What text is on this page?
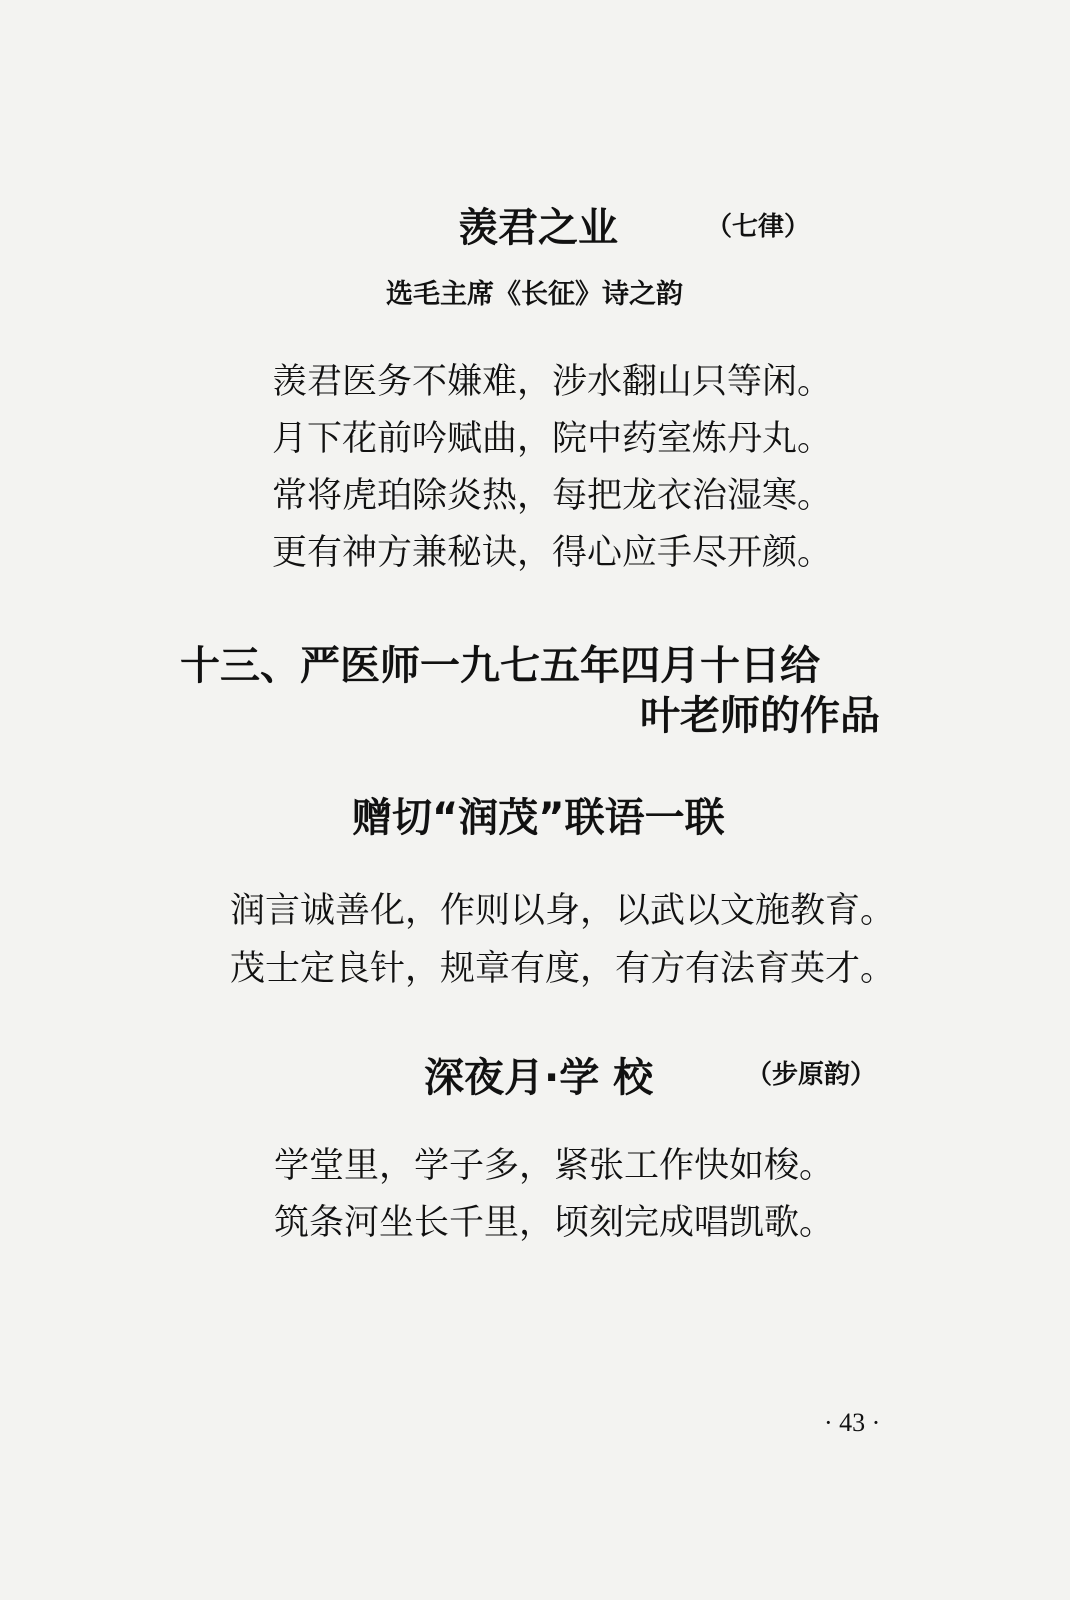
羡君之业	（七律）
选毛主席《长征》诗之韵
羡君医务不嫌难，涉水翻山只等闲。
月下花前吟赋曲，院中药室炼丹丸。
常将虎珀除炎热，每把龙衣治湿寒。
更有神方兼秘诀，得心应手尽开颜。
十三、严医师一九七五年四月十日给
叶老师的作品
赠切“润茂”联语一联
润言诚善化，作则以身，以武以文施教育。
茂士定良针，规章有度，有方有法育英才。
深夜月·学 校	（步原韵）
学堂里，学子多，紧张工作快如梭。
筑条河坐长千里，顷刻完成唱凯歌。
· 43 ·
